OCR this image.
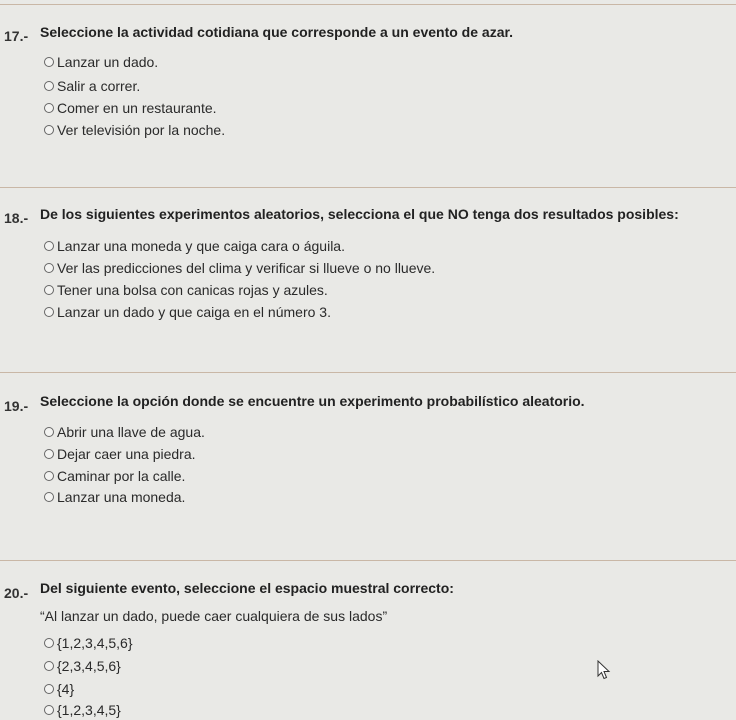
17.- Seleccione la actividad cotidiana que corresponde a un evento de azar.
Lanzar un dado.
Salir a correr.
Comer en un restaurante.
Ver televisión por la noche.
18.- De los siguientes experimentos aleatorios, selecciona el que NO tenga dos resultados posibles:
Lanzar una moneda y que caiga cara o águila.
Ver las predicciones del clima y verificar si llueve o no llueve.
Tener una bolsa con canicas rojas y azules.
Lanzar un dado y que caiga en el número 3.
19.- Seleccione la opción donde se encuentre un experimento probabilístico aleatorio.
Abrir una llave de agua.
Dejar caer una piedra.
Caminar por la calle.
Lanzar una moneda.
20.- Del siguiente evento, seleccione el espacio muestral correcto:
“Al lanzar un dado, puede caer cualquiera de sus lados”
{1,2,3,4,5,6}
{2,3,4,5,6}
{4}
{1,2,3,4,5}
